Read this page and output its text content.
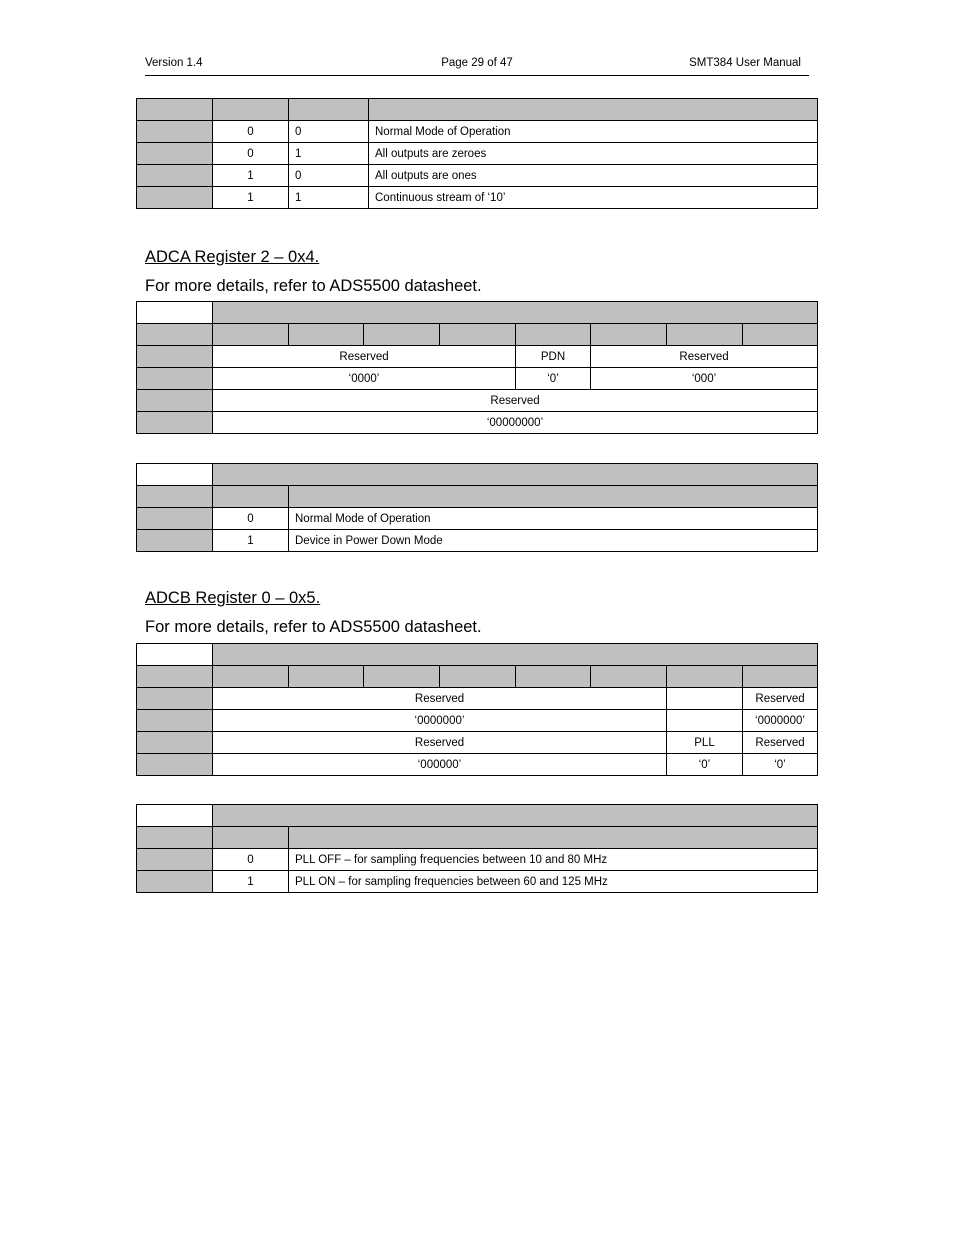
Page 29 of 47
Version 1.4	SMT384 User Manual

	0	0	Normal Mode of Operation
	0	1	All outputs are zeroes
	1	0	All outputs are ones
	1	1	Continuous stream of ‘10’
ADCA Register 2 – 0x4.
For more details, refer to ADS5500 datasheet.

	Reserved				PDN	Reserved		
	‘0000’				‘0’	‘000’		
	Reserved							
	‘00000000’							

	0	Normal Mode of Operation
	1	Device in Power Down Mode
ADCB Register 0 – 0x5.
For more details, refer to ADS5500 datasheet.

	Reserved							Reserved
	‘0000000’							‘0000000’
	Reserved						PLL	Reserved
	‘000000’						‘0’	‘0’

	0	PLL OFF – for sampling frequencies between 10 and 80 MHz
	1	PLL ON – for sampling frequencies between 60 and 125 MHz
